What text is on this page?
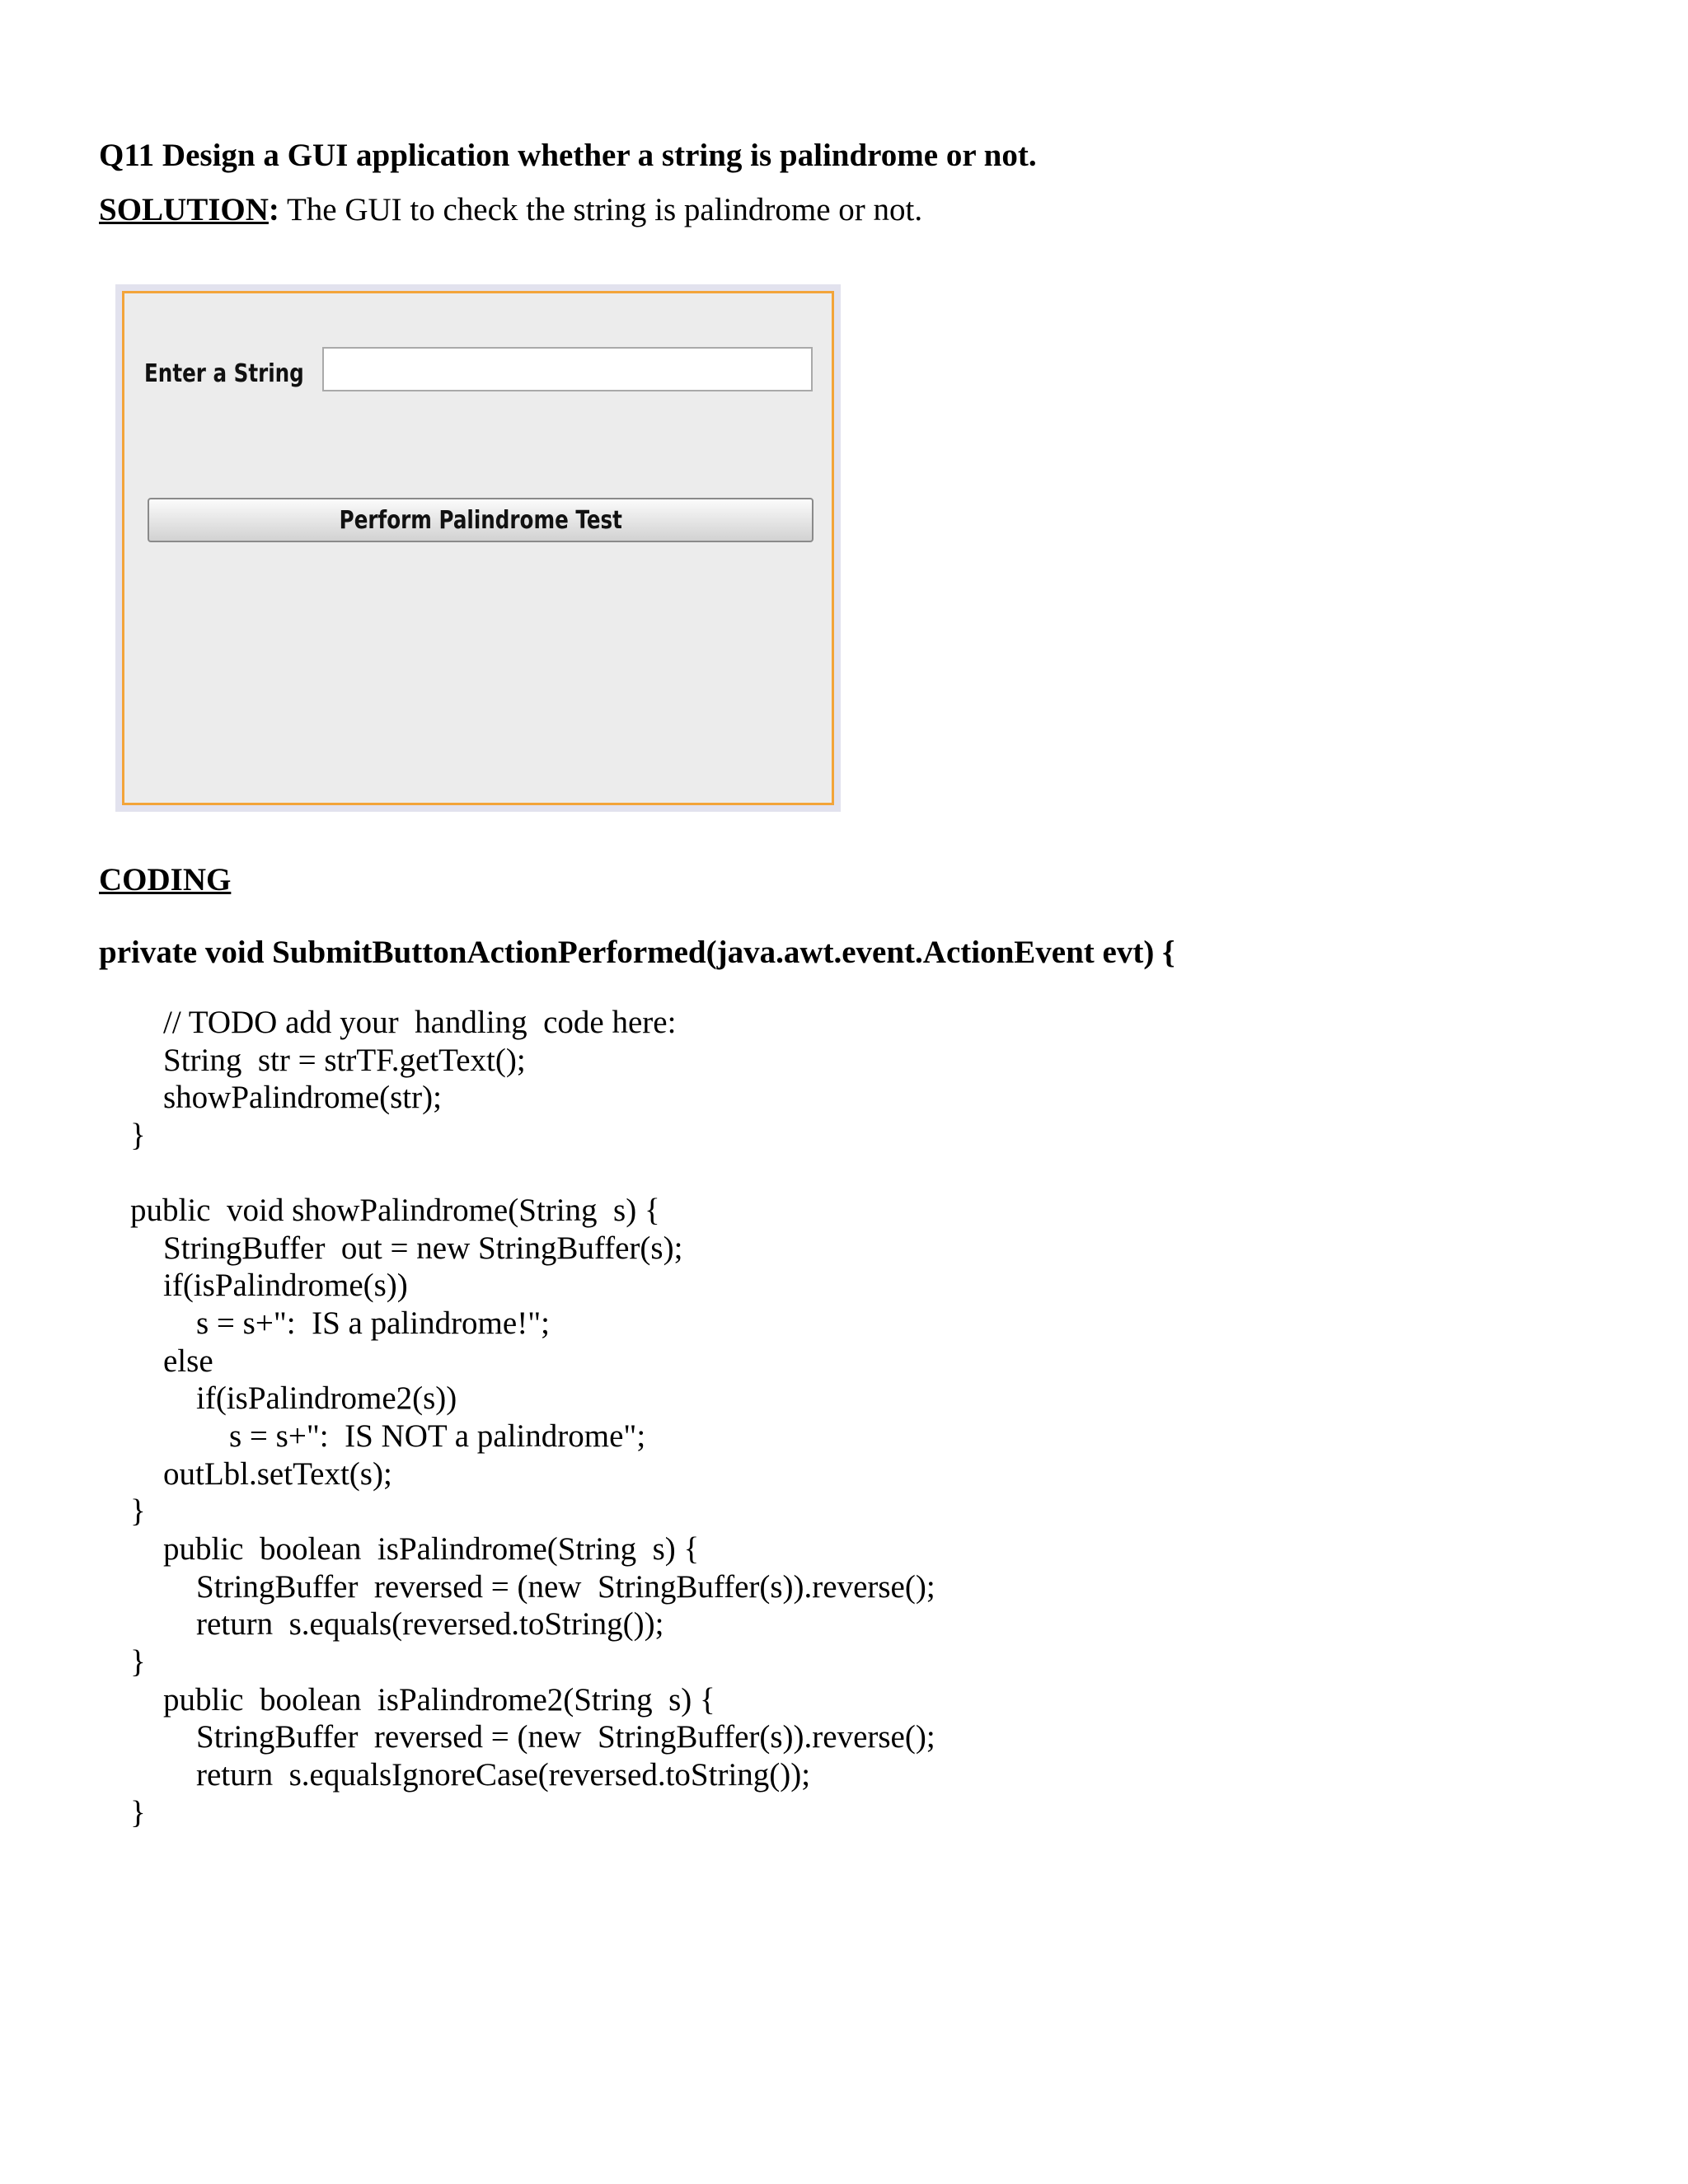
Q11 Design a GUI application whether a string is palindrome or not.
SOLUTION: The GUI to check the string is palindrome or not.
Enter a String
Perform Palindrome Test
CODING
private void SubmitButtonActionPerformed(java.awt.event.ActionEvent evt) {
// TODO add your  handling  code here:
String  str = strTF.getText();
showPalindrome(str);
}
public  void showPalindrome(String  s) {
StringBuffer  out = new StringBuffer(s);
if(isPalindrome(s))
s = s+":  IS a palindrome!";
else
if(isPalindrome2(s))
s = s+":  IS NOT a palindrome";
outLbl.setText(s);
}
public  boolean  isPalindrome(String  s) {
StringBuffer  reversed = (new  StringBuffer(s)).reverse();
return  s.equals(reversed.toString());
}
public  boolean  isPalindrome2(String  s) {
StringBuffer  reversed = (new  StringBuffer(s)).reverse();
return  s.equalsIgnoreCase(reversed.toString());
}
